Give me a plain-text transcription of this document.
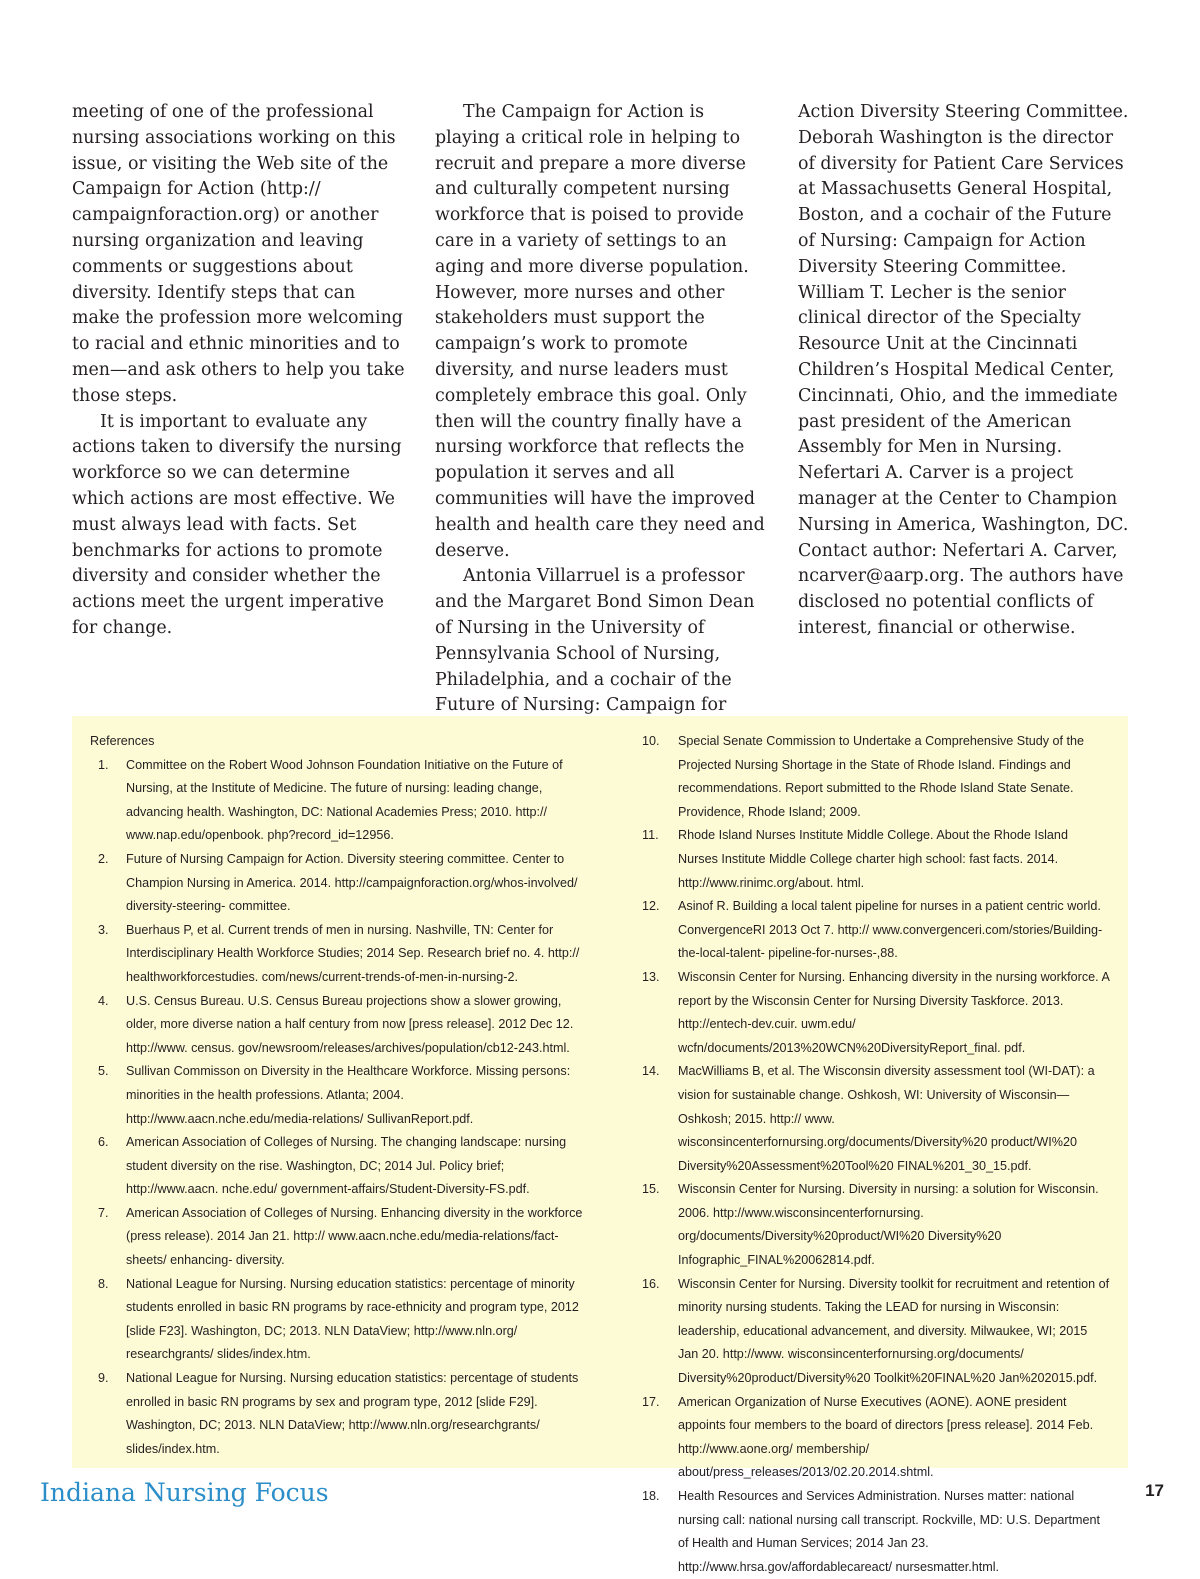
meeting of one of the professional nursing associations working on this issue, or visiting the Web site of the Campaign for Action (http:// campaignforaction.org) or another nursing organization and leaving comments or suggestions about diversity. Identify steps that can make the profession more welcoming to racial and ethnic minorities and to men—and ask others to help you take those steps.

It is important to evaluate any actions taken to diversify the nursing workforce so we can determine which actions are most effective. We must always lead with facts. Set benchmarks for actions to promote diversity and consider whether the actions meet the urgent imperative for change.

The Campaign for Action is playing a critical role in helping to recruit and prepare a more diverse and culturally competent nursing workforce that is poised to provide care in a variety of settings to an aging and more diverse population. However, more nurses and other stakeholders must support the campaign’s work to promote diversity, and nurse leaders must completely embrace this goal. Only then will the country finally have a nursing workforce that reflects the population it serves and all communities will have the improved health and health care they need and deserve.

Antonia Villarruel is a professor and the Margaret Bond Simon Dean of Nursing in the University of Pennsylvania School of Nursing, Philadelphia, and a cochair of the Future of Nursing: Campaign for

Action Diversity Steering Committee. Deborah Washington is the director of diversity for Patient Care Services at Massachusetts General Hospital, Boston, and a cochair of the Future of Nursing: Campaign for Action Diversity Steering Committee. William T. Lecher is the senior clinical director of the Specialty Resource Unit at the Cincinnati Children’s Hospital Medical Center, Cincinnati, Ohio, and the immediate past president of the American Assembly for Men in Nursing. Nefertari A. Carver is a project manager at the Center to Champion Nursing in America, Washington, DC. Contact author: Nefertari A. Carver, ncarver@aarp.org. The authors have disclosed no potential conflicts of interest, financial or otherwise.

References
1.	Committee on the Robert Wood Johnson Foundation Initiative on the Future of Nursing, at the Institute of Medicine. The future of nursing: leading change, advancing health. Washington, DC: National Academies Press; 2010. http:// www.nap.edu/openbook. php?record_id=12956.
2.	Future of Nursing Campaign for Action. Diversity steering committee. Center to Champion Nursing in America. 2014. http://campaignforaction.org/whos-involved/ diversity-steering- committee.
3.	Buerhaus P, et al. Current trends of men in nursing. Nashville, TN: Center for Interdisciplinary Health Workforce Studies; 2014 Sep. Research brief no. 4. http:// healthworkforcestudies. com/news/current-trends-of-men-in-nursing-2.
4.	U.S. Census Bureau. U.S. Census Bureau projections show a slower growing, older, more diverse nation a half century from now [press release]. 2012 Dec 12. http://www. census. gov/newsroom/releases/archives/population/cb12-243.html.
5.	Sullivan Commisson on Diversity in the Healthcare Workforce. Missing persons: minorities in the health professions. Atlanta; 2004. http://www.aacn.nche.edu/media-relations/ SullivanReport.pdf.
6.	American Association of Colleges of Nursing. The changing landscape: nursing student diversity on the rise. Washington, DC; 2014 Jul. Policy brief; http://www.aacn. nche.edu/ government-affairs/Student-Diversity-FS.pdf.
7.	American Association of Colleges of Nursing. Enhancing diversity in the workforce (press release). 2014 Jan 21. http:// www.aacn.nche.edu/media-relations/fact-sheets/ enhancing- diversity.
8.	National League for Nursing. Nursing education statistics: percentage of minority students enrolled in basic RN programs by race-ethnicity and program type, 2012 [slide F23]. Washington, DC; 2013. NLN DataView; http://www.nln.org/ researchgrants/ slides/index.htm.
9.	National League for Nursing. Nursing education statistics: percentage of students enrolled in basic RN programs by sex and program type, 2012 [slide F29]. Washington, DC; 2013. NLN DataView; http://www.nln.org/researchgrants/ slides/index.htm.
10.	Special Senate Commission to Undertake a Comprehensive Study of the Projected Nursing Shortage in the State of Rhode Island. Findings and recommendations. Report submitted to the Rhode Island State Senate. Providence, Rhode Island; 2009.
11.	Rhode Island Nurses Institute Middle College. About the Rhode Island Nurses Institute Middle College charter high school: fast facts. 2014. http://www.rinimc.org/about. html.
12.	Asinof R. Building a local talent pipeline for nurses in a patient centric world. ConvergenceRI 2013 Oct 7. http:// www.convergenceri.com/stories/Building-the-local-talent- pipeline-for-nurses-,88.
13.	Wisconsin Center for Nursing. Enhancing diversity in the nursing workforce. A report by the Wisconsin Center for Nursing Diversity Taskforce. 2013. http://entech-dev.cuir. uwm.edu/ wcfn/documents/2013%20WCN%20DiversityReport_final. pdf.
14.	MacWilliams B, et al. The Wisconsin diversity assessment tool (WI-DAT): a vision for sustainable change. Oshkosh, WI: University of Wisconsin—Oshkosh; 2015. http:// www. wisconsincenterfornursing.org/documents/Diversity%20 product/WI%20 Diversity%20Assessment%20Tool%20 FINAL%201_30_15.pdf.
15.	Wisconsin Center for Nursing. Diversity in nursing: a solution for Wisconsin. 2006. http://www.wisconsincenterfornursing. org/documents/Diversity%20product/WI%20 Diversity%20 Infographic_FINAL%20062814.pdf.
16.	Wisconsin Center for Nursing. Diversity toolkit for recruitment and retention of minority nursing students. Taking the LEAD for nursing in Wisconsin: leadership, educational advancement, and diversity. Milwaukee, WI; 2015 Jan 20. http://www. wisconsincenterfornursing.org/documents/ Diversity%20product/Diversity%20 Toolkit%20FINAL%20 Jan%202015.pdf.
17.	American Organization of Nurse Executives (AONE). AONE president appoints four members to the board of directors [press release]. 2014 Feb. http://www.aone.org/ membership/ about/press_releases/2013/02.20.2014.shtml.
18.	Health Resources and Services Administration. Nurses matter: national nursing call: national nursing call transcript. Rockville, MD: U.S. Department of Health and Human Services; 2014 Jan 23. http://www.hrsa.gov/affordablecareact/ nursesmatter.html.
Indiana Nursing Focus	17
